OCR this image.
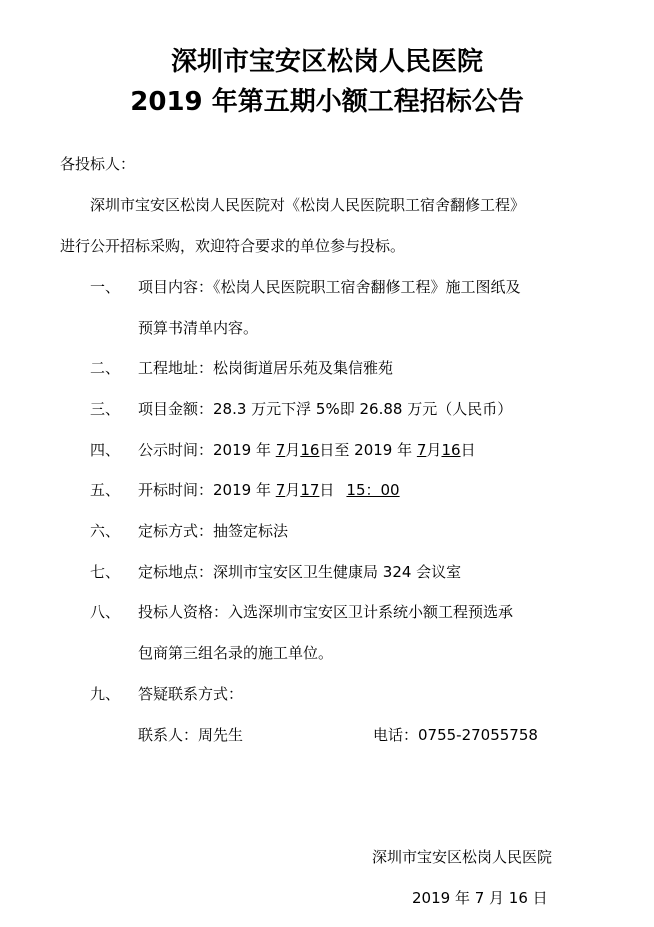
深圳市宝安区松岗人民医院
2019 年第五期小额工程招标公告
各投标人：
深圳市宝安区松岗人民医院对《松岗人民医院职工宿舍翻修工程》
进行公开招标采购，欢迎符合要求的单位参与投标。
一、 项目内容：《松岗人民医院职工宿舍翻修工程》施工图纸及
预算书清单内容。
二、 工程地址：松岗街道居乐苑及集信雅苑
三、 项目金额：28.3 万元下浮 5%即 26.88 万元（人民币）
四、 公示时间：2019 年 7月16日至 2019 年 7月16日
五、 开标时间：2019 年 7月17日 15：00
六、 定标方式：抽签定标法
七、 定标地点：深圳市宝安区卫生健康局 324 会议室
八、 投标人资格：入选深圳市宝安区卫计系统小额工程预选承
包商第三组名录的施工单位。
九、 答疑联系方式：
联系人：周先生	电话：0755-27055758
深圳市宝安区松岗人民医院
2019 年 7 月 16 日
